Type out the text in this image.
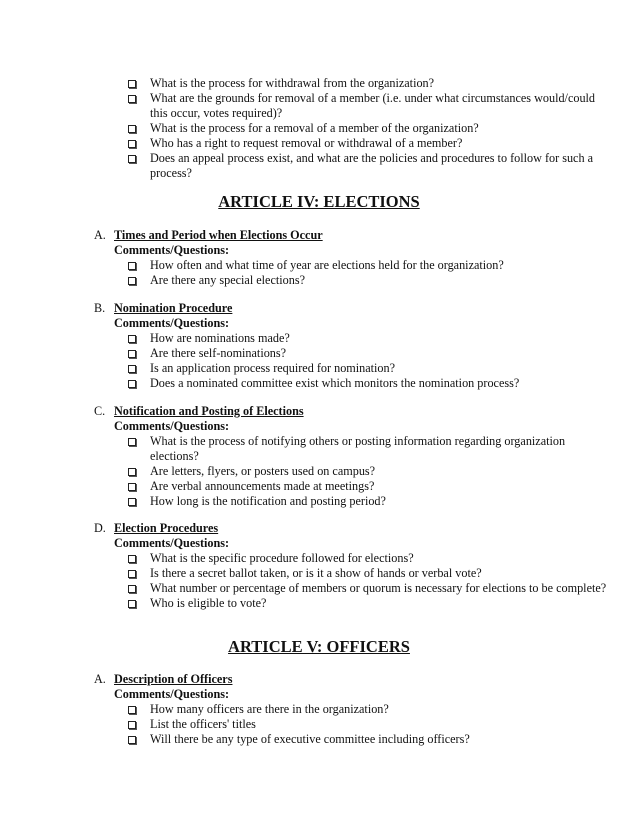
What is the process for withdrawal from the organization?
What are the grounds for removal of a member (i.e. under what circumstances would/could this occur, votes required)?
What is the process for a removal of a member of the organization?
Who has a right to request removal or withdrawal of a member?
Does an appeal process exist, and what are the policies and procedures to follow for such a process?
ARTICLE IV: ELECTIONS
A. Times and Period when Elections Occur
Comments/Questions:
How often and what time of year are elections held for the organization?
Are there any special elections?
B. Nomination Procedure
Comments/Questions:
How are nominations made?
Are there self-nominations?
Is an application process required for nomination?
Does a nominated committee exist which monitors the nomination process?
C. Notification and Posting of Elections
Comments/Questions:
What is the process of notifying others or posting information regarding organization elections?
Are letters, flyers, or posters used on campus?
Are verbal announcements made at meetings?
How long is the notification and posting period?
D. Election Procedures
Comments/Questions:
What is the specific procedure followed for elections?
Is there a secret ballot taken, or is it a show of hands or verbal vote?
What number or percentage of members or quorum is necessary for elections to be complete?
Who is eligible to vote?
ARTICLE V: OFFICERS
A. Description of Officers
Comments/Questions:
How many officers are there in the organization?
List the officers' titles
Will there be any type of executive committee including officers?
